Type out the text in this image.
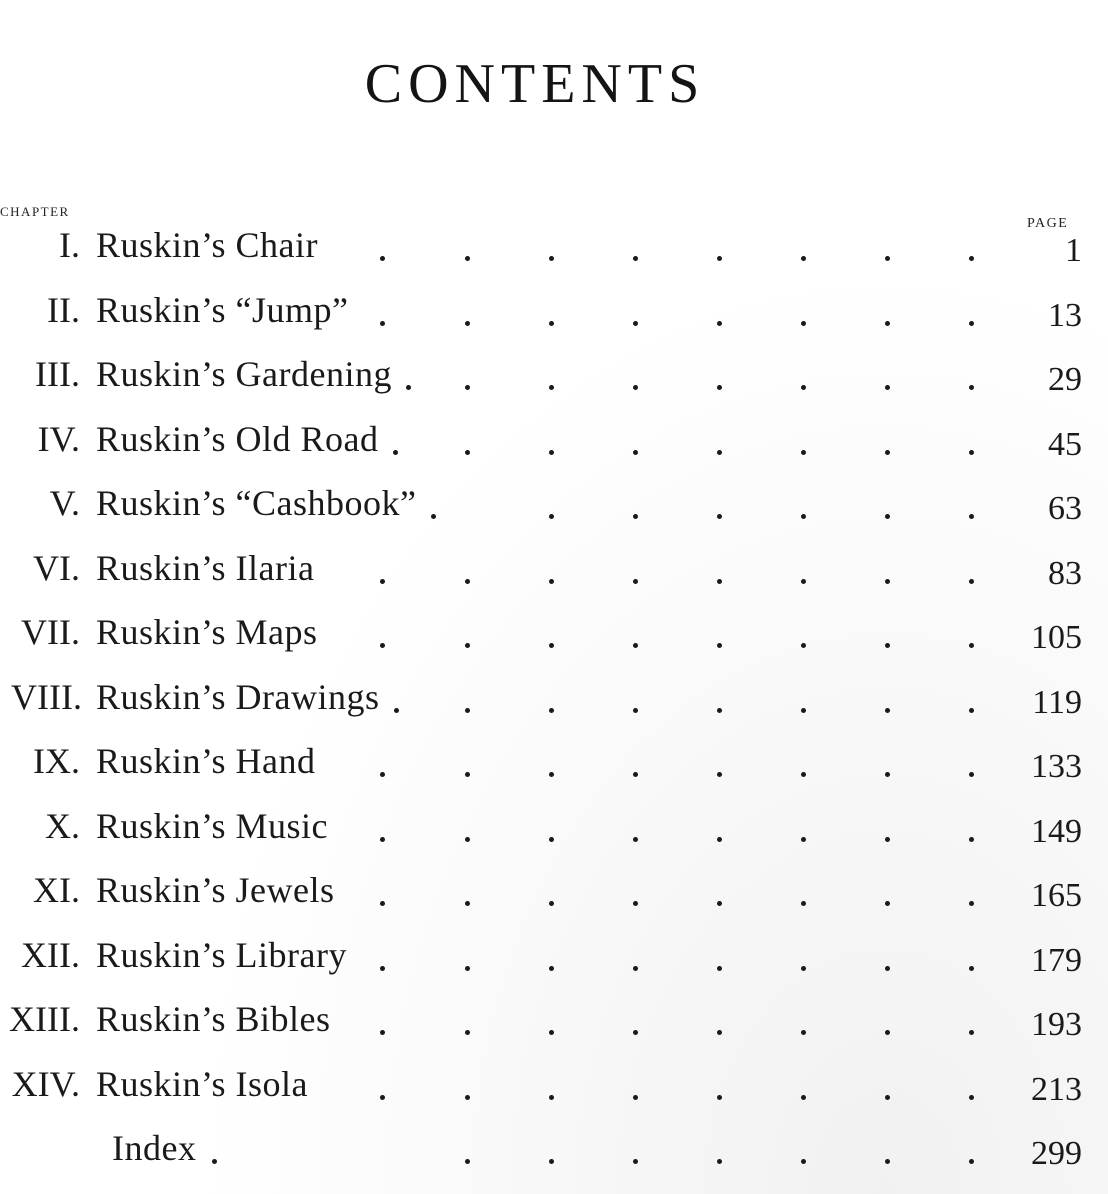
CONTENTS
CHAPTER
PAGE
I. Ruskin’s Chair	1
II. Ruskin’s “Jump”	13
III. Ruskin’s Gardening	29
IV. Ruskin’s Old Road	45
V. Ruskin’s “Cashbook”	63
VI. Ruskin’s Ilaria	83
VII. Ruskin’s Maps	105
VIII. Ruskin’s Drawings	119
IX. Ruskin’s Hand	133
X. Ruskin’s Music	149
XI. Ruskin’s Jewels	165
XII. Ruskin’s Library	179
XIII. Ruskin’s Bibles	193
XIV. Ruskin’s Isola	213
Index	299
